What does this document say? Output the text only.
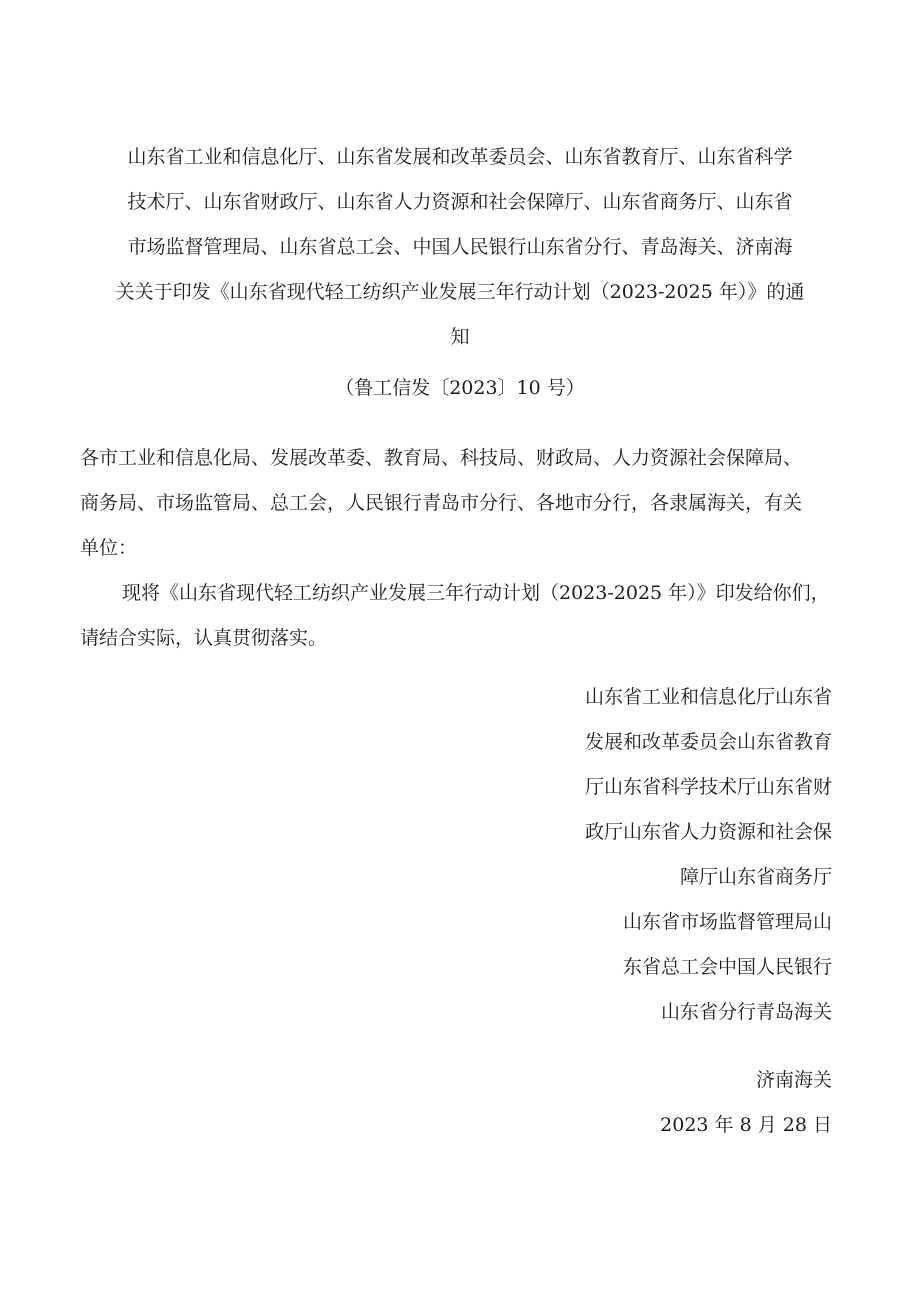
山东省工业和信息化厅、山东省发展和改革委员会、山东省教育厅、山东省科学
技术厅、山东省财政厅、山东省人力资源和社会保障厅、山东省商务厅、山东省
市场监督管理局、山东省总工会、中国人民银行山东省分行、青岛海关、济南海
关关于印发《山东省现代轻工纺织产业发展三年行动计划（2023-2025 年）》的通
知
（鲁工信发〔2023〕10 号）
各市工业和信息化局、发展改革委、教育局、科技局、财政局、人力资源社会保障局、
商务局、市场监管局、总工会，人民银行青岛市分行、各地市分行，各隶属海关，有关
单位：
现将《山东省现代轻工纺织产业发展三年行动计划（2023-2025 年）》印发给你们，
请结合实际，认真贯彻落实。
山东省工业和信息化厅山东省
发展和改革委员会山东省教育
厅山东省科学技术厅山东省财
政厅山东省人力资源和社会保
障厅山东省商务厅
山东省市场监督管理局山
东省总工会中国人民银行
山东省分行青岛海关
济南海关
2023 年 8 月 28 日
